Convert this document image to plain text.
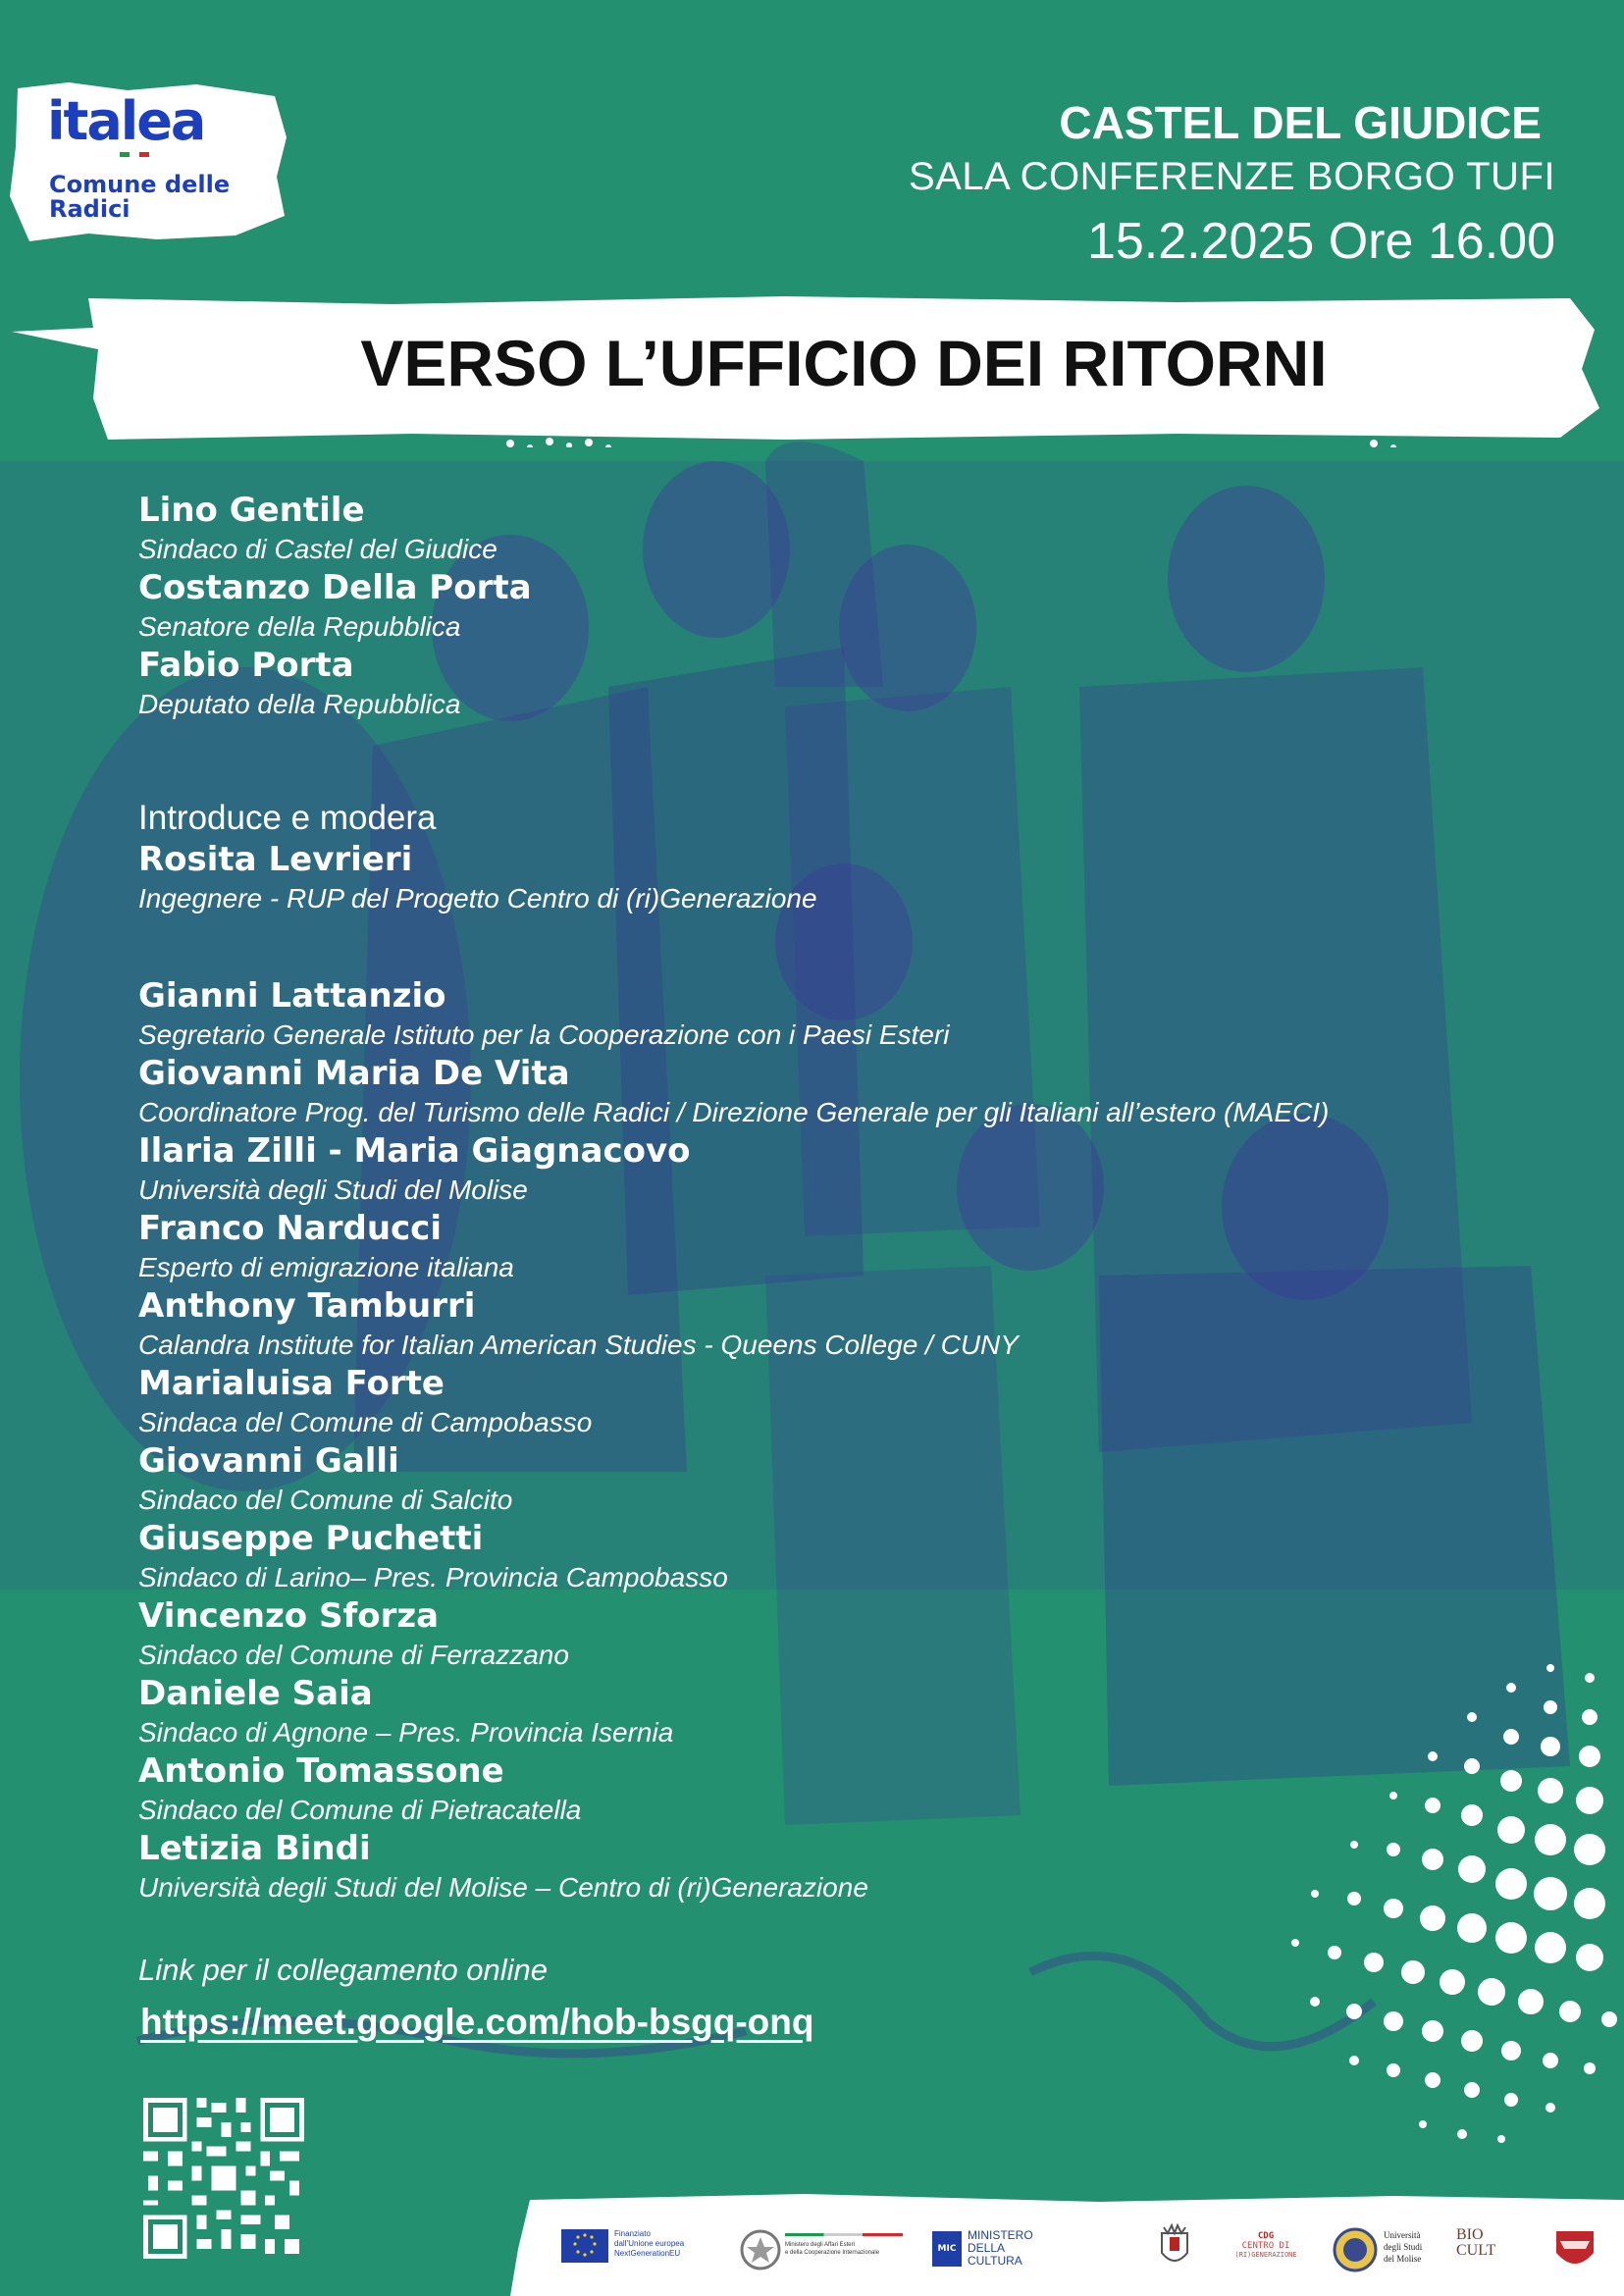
italea
Comune delle Radici
CASTEL DEL GIUDICE
SALA CONFERENZE BORGO TUFI
15.2.2025 Ore 16.00
VERSO L’UFFICIO DEI RITORNI
Lino Gentile
Sindaco di Castel del Giudice
Costanzo Della Porta
Senatore della Repubblica
Fabio Porta
Deputato della Repubblica
Introduce e modera
Rosita Levrieri
Ingegnere - RUP del Progetto Centro di (ri)Generazione
Gianni Lattanzio
Segretario Generale Istituto per la Cooperazione con i Paesi Esteri
Giovanni Maria De Vita
Coordinatore Prog. del Turismo delle Radici / Direzione Generale per gli Italiani all’estero (MAECI)
Ilaria Zilli - Maria Giagnacovo
Università degli Studi del Molise
Franco Narducci
Esperto di emigrazione italiana
Anthony Tamburri
Calandra Institute for Italian American Studies - Queens College / CUNY
Marialuisa Forte
Sindaca del Comune di Campobasso
Giovanni Galli
Sindaco del Comune di Salcito
Giuseppe Puchetti
Sindaco di Larino– Pres. Provincia Campobasso
Vincenzo Sforza
Sindaco del Comune di Ferrazzano
Daniele Saia
Sindaco di Agnone – Pres. Provincia Isernia
Antonio Tomassone
Sindaco del Comune di Pietracatella
Letizia Bindi
Università degli Studi del Molise – Centro di (ri)Generazione
Link per il collegamento online
https://meet.google.com/hob-bsgq-onq
Finanziato
dall’Unione europea
NextGenerationEU
Ministero degli Affari Esteri
e della Cooperazione Internazionale	MIC
MINISTERO
DELLA
CULTURA
CDG
CENTRO DI
(RI)GENERAZIONE
Università
degli Studi
del Molise
BIO
CULT
